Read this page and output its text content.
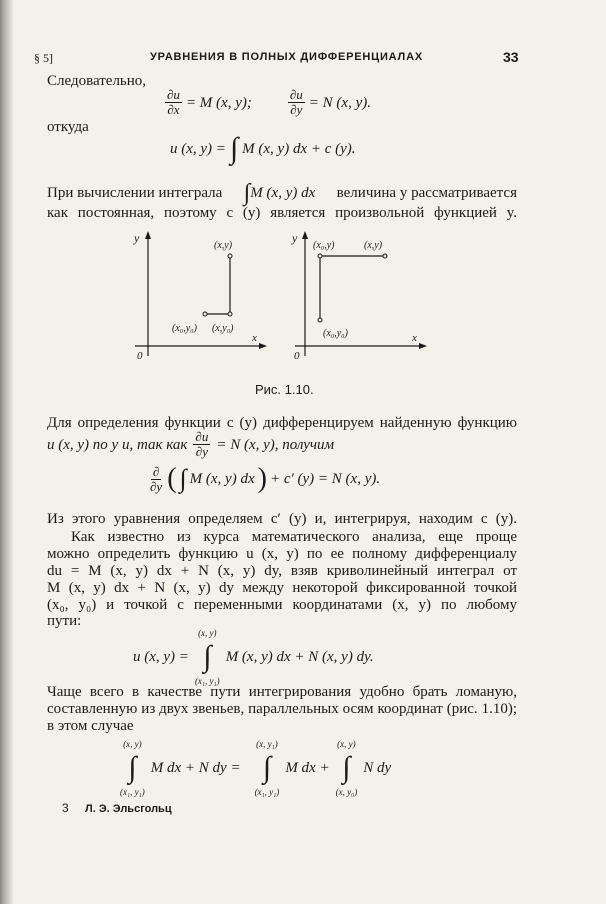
§ 5]	УРАВНЕНИЯ В ПОЛНЫХ ДИФФЕРЕНЦИАЛАХ	33
Следовательно,
$\frac{\partial u}{\partial x} = M$ (x, y);	$\frac{\partial u}{\partial y} = N$ (x, y).
откуда
u (x, y) = ∫ M (x, y) dx + c (y).
При вычислении интеграла ∫ M (x, y) dx величина y рассматривается
как постоянная, поэтому c (y) является произвольной функцией y.
y
x
0
(x,y)
(x₀,y₀) (x,y₀)
y
x
0
(x₀,y)	(x,y)
(x₀,y₀)
Рис. 1.10.
Для определения функции c (y) дифференцируем найденную функцию
u (x, y) по y и, так как $\frac{\partial u}{\partial y} = N$ (x, y), получим
$\frac{\partial}{\partial y}$ ( ∫ M (x, y) dx ) + c′ (y) = N (x, y).
Из этого уравнения определяем c′ (y) и, интегрируя, находим c (y).
Как известно из курса математического анализа, еще проще
можно определить функцию u (x, y) по ее полному дифференциалу
du = M (x, y) dx + N (x, y) dy, взяв криволинейный интеграл от
M (x, y) dx + N (x, y) dy между некоторой фиксированной точкой
(x₀, y₀) и точкой с переменными координатами (x, y) по любому
пути:
u (x, y) =
(x, y)
∫
(x₁, y₁)
M (x, y) dx + N (x, y) dy.
Чаще всего в качестве пути интегрирования удобно брать ломаную,
составленную из двух звеньев, параллельных осям координат (рис. 1.10);
в этом случае
(x, y)
∫
(x₁, y₁)
M dx + N dy =
(x, y₁)
∫
(x₁, y₁)
M dx +
(x, y)
∫
(x, y₀)
N dy
3 Л. Э. Эльсгольц
